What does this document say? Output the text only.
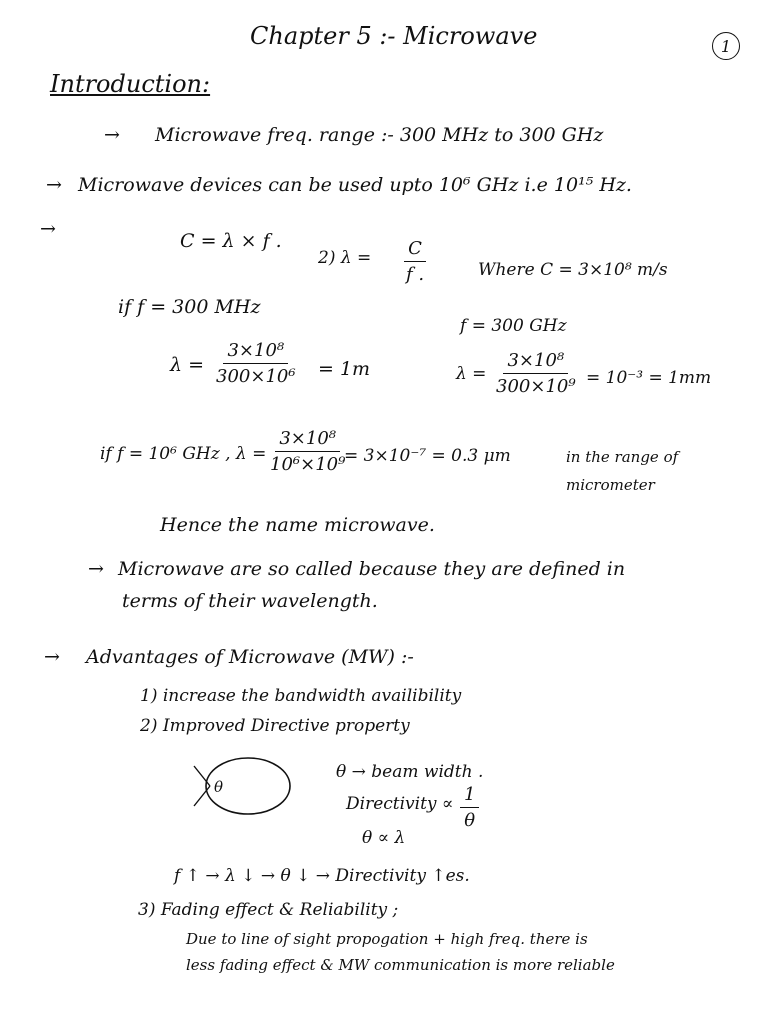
Chapter 5 :- Microwave	1
Introduction:
→ Microwave freq. range :- 300 MHz to 300 GHz
→ Microwave devices can be used upto 10⁶ GHz i.e 10¹⁵ Hz.
→
C = λ × f .
2) $\lambda = \frac{C}{f .}$	Where C = 3×10⁸ m/s
if f = 300 MHz
f = 300 GHz
$\lambda = \frac{\text{3×10⁸}}{\text{300×10⁶}} = 1m$	$\lambda = \frac{\text{3×10⁸}}{\text{300×10⁹}} = 10^{-3} = 1mm$
if f = 10⁶ GHz , $\lambda = \frac{\text{3×10⁸}}{\text{10⁶×10⁹}}$
= 3×10⁻⁷ = 0.3 μm	in the range of
micrometer
Hence the name microwave.
→ Microwave are so called because they are defined in
terms of their wavelength.
→ Advantages of Microwave (MW) :-
1) increase the bandwidth availibility
2) Improved Directive property
θ
θ → beam width .
Directivity ∝ $\frac{1}{\theta}$
θ ∝ λ
f ↑ → λ ↓ → θ ↓ → Directivity ↑es.
3) Fading effect & Reliability ;
Due to line of sight propogation + high freq. there is
less fading effect & MW communication is more reliable
